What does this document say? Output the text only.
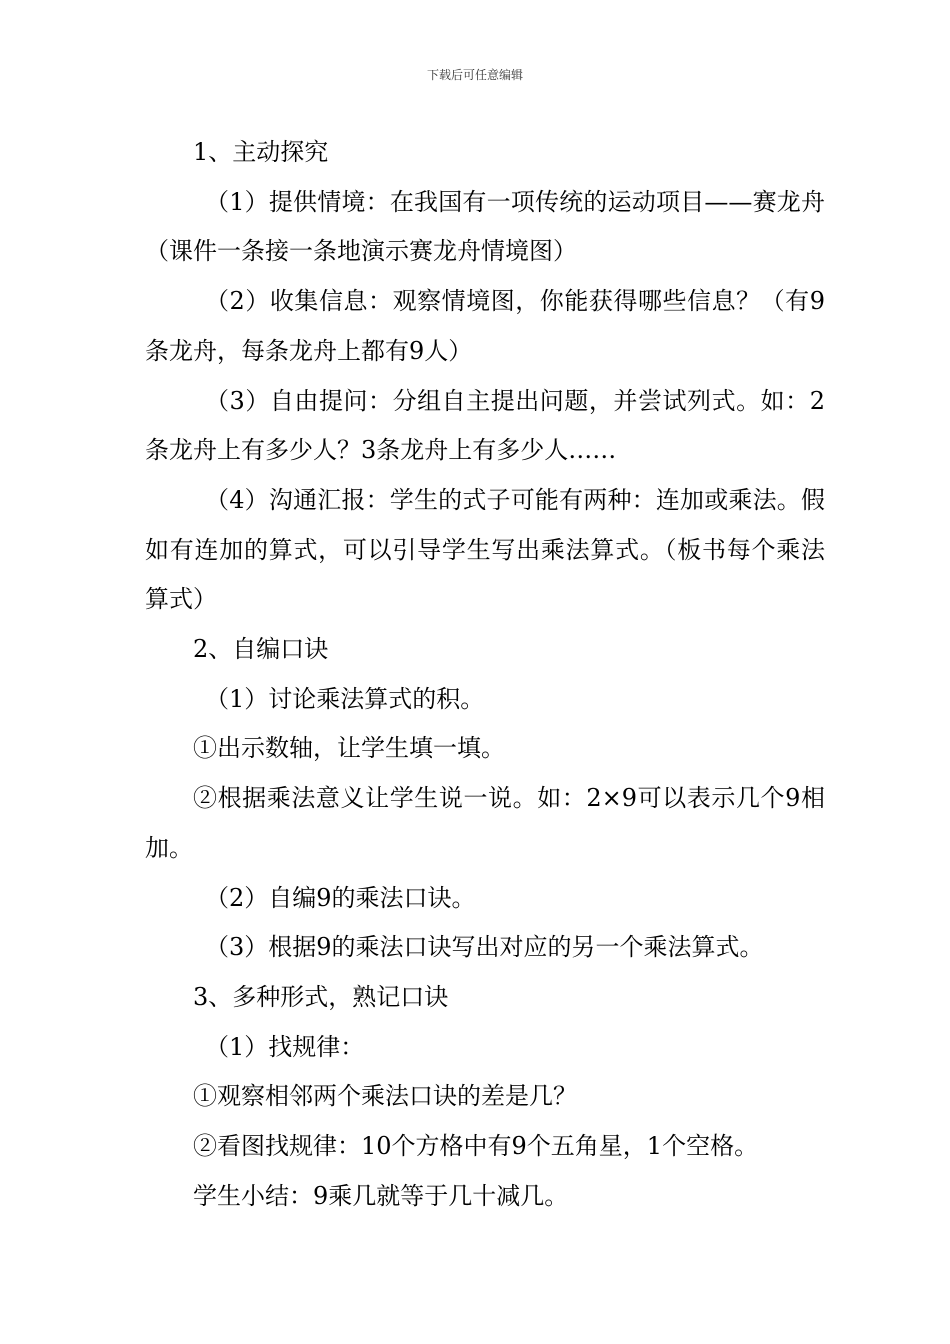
下载后可任意编辑

1、主动探究

（1）提供情境：在我国有一项传统的运动项目——赛龙舟（课件一条接一条地演示赛龙舟情境图）

（2）收集信息：观察情境图，你能获得哪些信息？（有9条龙舟，每条龙舟上都有9人）

（3）自由提问：分组自主提出问题，并尝试列式。如：2条龙舟上有多少人？3条龙舟上有多少人……

（4）沟通汇报：学生的式子可能有两种：连加或乘法。假如有连加的算式，可以引导学生写出乘法算式。（板书每个乘法算式）

2、自编口诀

（1）讨论乘法算式的积。

①出示数轴，让学生填一填。

②根据乘法意义让学生说一说。如：2×9可以表示几个9相加。

（2）自编9的乘法口诀。

（3）根据9的乘法口诀写出对应的另一个乘法算式。

3、多种形式，熟记口诀

（1）找规律：

①观察相邻两个乘法口诀的差是几？

②看图找规律：10个方格中有9个五角星，1个空格。

学生小结：9乘几就等于几十减几。
